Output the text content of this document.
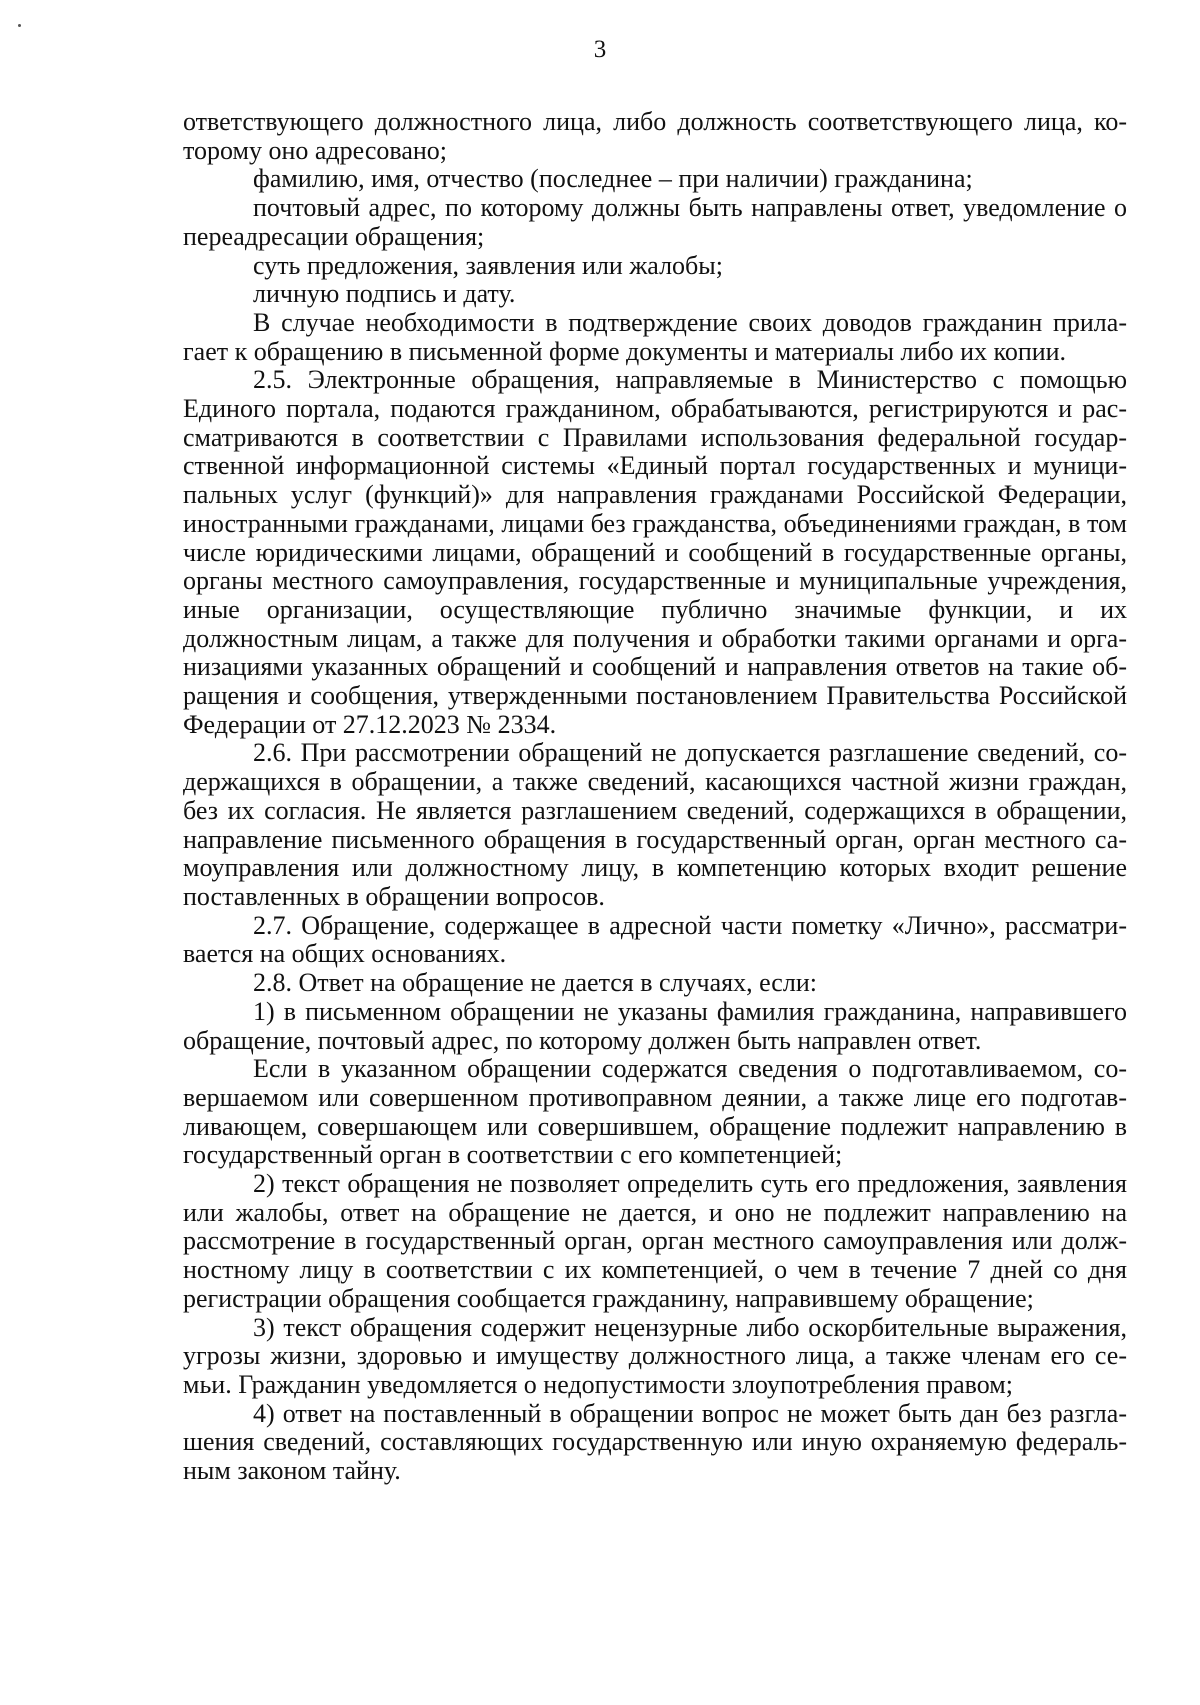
3

ответствующего должностного лица, либо должность соответствующего лица, которому оно адресовано;

фамилию, имя, отчество (последнее – при наличии) гражданина;

почтовый адрес, по которому должны быть направлены ответ, уведомление о переадресации обращения;

суть предложения, заявления или жалобы;

личную подпись и дату.

В случае необходимости в подтверждение своих доводов гражданин прилагает к обращению в письменной форме документы и материалы либо их копии.

2.5. Электронные обращения, направляемые в Министерство с помощью Единого портала, подаются гражданином, обрабатываются, регистрируются и рассматриваются в соответствии с Правилами использования федеральной государственной информационной системы «Единый портал государственных и муниципальных услуг (функций)» для направления гражданами Российской Федерации, иностранными гражданами, лицами без гражданства, объединениями граждан, в том числе юридическими лицами, обращений и сообщений в государственные органы, органы местного самоуправления, государственные и муниципальные учреждения, иные организации, осуществляющие публично значимые функции, и их должностным лицам, а также для получения и обработки такими органами и организациями указанных обращений и сообщений и направления ответов на такие обращения и сообщения, утвержденными постановлением Правительства Российской Федерации от 27.12.2023 № 2334.

2.6. При рассмотрении обращений не допускается разглашение сведений, содержащихся в обращении, а также сведений, касающихся частной жизни граждан, без их согласия. Не является разглашением сведений, содержащихся в обращении, направление письменного обращения в государственный орган, орган местного самоуправления или должностному лицу, в компетенцию которых входит решение поставленных в обращении вопросов.

2.7. Обращение, содержащее в адресной части пометку «Лично», рассматривается на общих основаниях.

2.8. Ответ на обращение не дается в случаях, если:

1) в письменном обращении не указаны фамилия гражданина, направившего обращение, почтовый адрес, по которому должен быть направлен ответ.

Если в указанном обращении содержатся сведения о подготавливаемом, совершаемом или совершенном противоправном деянии, а также лице его подготавливающем, совершающем или совершившем, обращение подлежит направлению в государственный орган в соответствии с его компетенцией;

2) текст обращения не позволяет определить суть его предложения, заявления или жалобы, ответ на обращение не дается, и оно не подлежит направлению на рассмотрение в государственный орган, орган местного самоуправления или должностному лицу в соответствии с их компетенцией, о чем в течение 7 дней со дня регистрации обращения сообщается гражданину, направившему обращение;

3) текст обращения содержит нецензурные либо оскорбительные выражения, угрозы жизни, здоровью и имуществу должностного лица, а также членам его семьи. Гражданин уведомляется о недопустимости злоупотребления правом;

4) ответ на поставленный в обращении вопрос не может быть дан без разглашения сведений, составляющих государственную или иную охраняемую федеральным законом тайну.
